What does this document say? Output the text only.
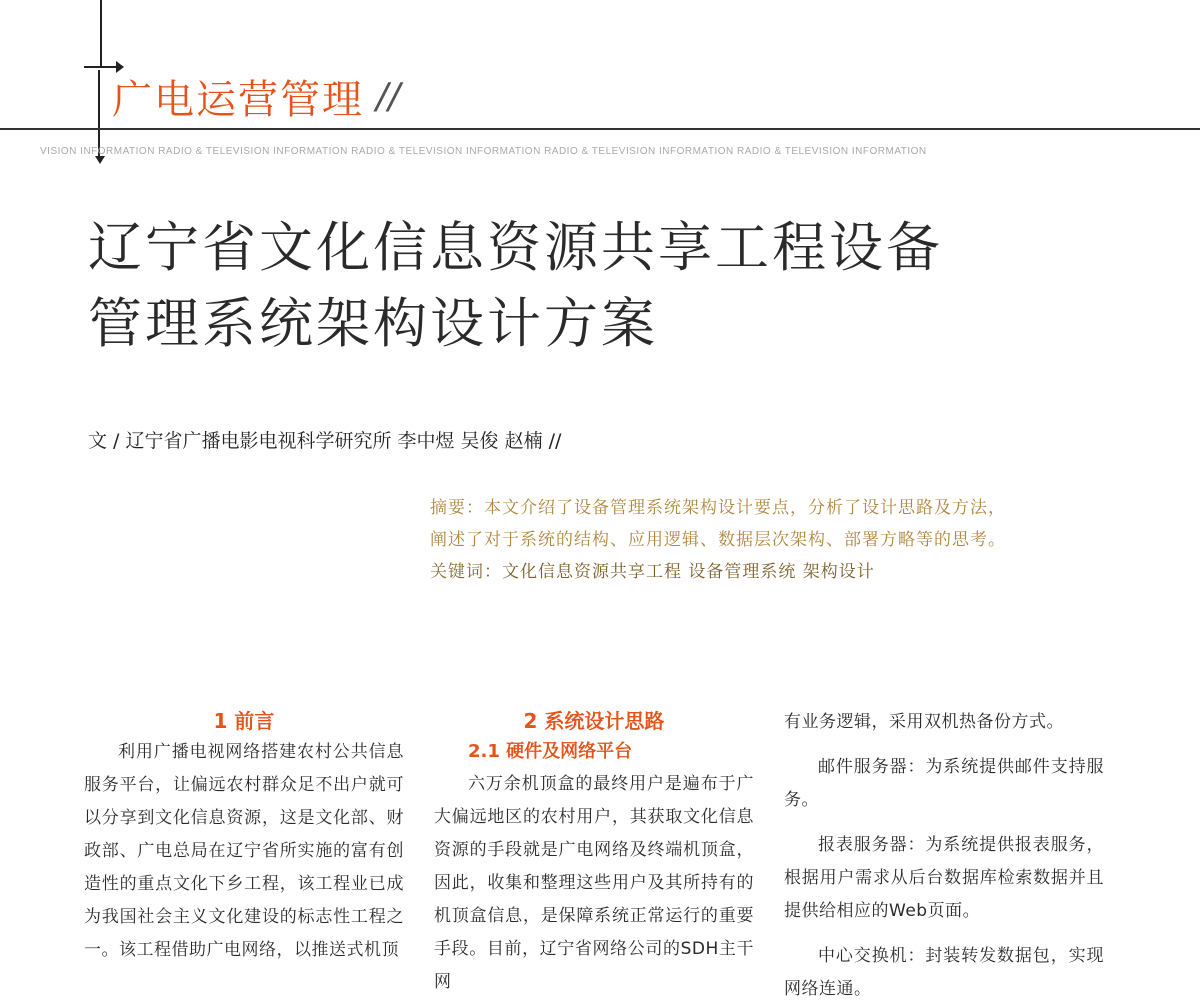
广电运营管理 //
VISION INFORMATION RADIO & TELEVISION INFORMATION RADIO & TELEVISION INFORMATION RADIO & TELEVISION INFORMATION RADIO & TELEVISION INFORMATION
辽宁省文化信息资源共享工程设备
管理系统架构设计方案
文 / 辽宁省广播电影电视科学研究所 李中煜 吴俊 赵楠 //
摘要：本文介绍了设备管理系统架构设计要点，分析了设计思路及方法，
阐述了对于系统的结构、应用逻辑、数据层次架构、部署方略等的思考。
关键词：文化信息资源共享工程 设备管理系统 架构设计
1 前言

利用广播电视网络搭建农村公共信息服务平台，让偏远农村群众足不出户就可以分享到文化信息资源，这是文化部、财政部、广电总局在辽宁省所实施的富有创造性的重点文化下乡工程，该工程业已成为我国社会主义文化建设的标志性工程之一。该工程借助广电网络，以推送式机顶

2 系统设计思路
2.1 硬件及网络平台

六万余机顶盒的最终用户是遍布于广大偏远地区的农村用户，其获取文化信息资源的手段就是广电网络及终端机顶盒，因此，收集和整理这些用户及其所持有的机顶盒信息，是保障系统正常运行的重要手段。目前，辽宁省网络公司的SDH主干网

有业务逻辑，采用双机热备份方式。

邮件服务器：为系统提供邮件支持服务。

报表服务器：为系统提供报表服务，根据用户需求从后台数据库检索数据并且提供给相应的Web页面。

中心交换机：封装转发数据包，实现网络连通。
